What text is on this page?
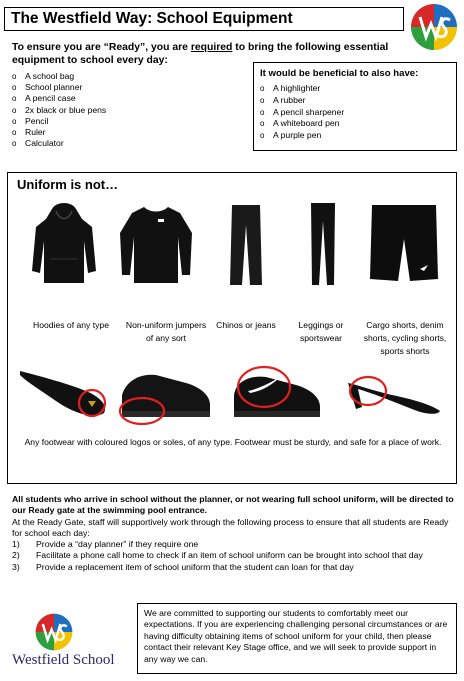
The Westfield Way: School Equipment
To ensure you are “Ready”, you are required to bring the following essential equipment to school every day:
o A school bag
o School planner
o A pencil case
o 2x black or blue pens
o Pencil
o Ruler
o Calculator
It would be beneficial to also have:
o A highlighter
o A rubber
o A pencil sharpener
o A whiteboard pen
o A purple pen
Uniform is not…
Hoodies of any type	Non-uniform jumpers of any sort
Chinos or jeans	Leggings or sportswear
Cargo shorts, denim shorts, cycling shorts, sports shorts
Any footwear with coloured logos or soles, of any type. Footwear must be sturdy, and safe for a place of work.
All students who arrive in school without the planner, or not wearing full school uniform, will be directed to our Ready gate at the swimming pool entrance.
At the Ready Gate, staff will supportively work through the following process to ensure that all students are Ready for school each day:
1) Provide a “day planner” if they require one
2) Facilitate a phone call home to check if an item of school uniform can be brought into school that day
3) Provide a replacement item of school uniform that the student can loan for that day
Westfield School
We are committed to supporting our students to comfortably meet our expectations. If you are experiencing challenging personal circumstances or are having difficulty obtaining items of school uniform for your child, then please contact their relevant Key Stage office, and we will seek to provide support in any way we can.
